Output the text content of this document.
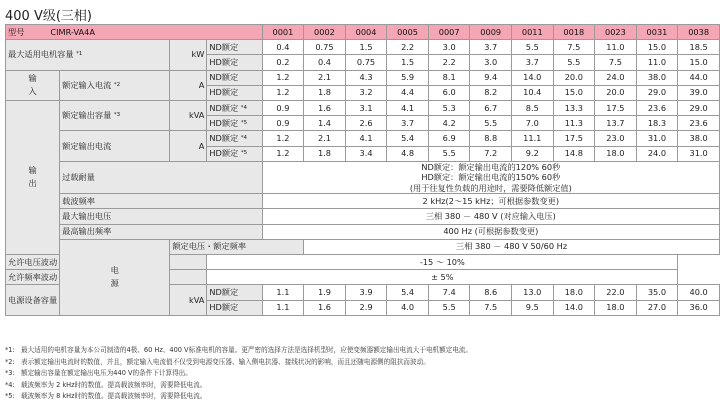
400 V级(三相)
型号 CIMR-VA4A				0001	0002	0004	0005	0007	0009	0011	0018	0023	0031	0038
最大适用电机容量 $^{*1}$		kW	ND额定	0.4	0.75	1.5	2.2	3.0	3.7	5.5	7.5	11.0	15.0	18.5
			HD额定	0.2	0.4	0.75	1.5	2.2	3.0	3.7	5.5	7.5	11.0	15.0

输
入	额定输入电流 $^{*2}$	A	ND额定	1.2	2.1	4.3	5.9	8.1	9.4	14.0	20.0	24.0	38.0	44.0
			HD额定	1.2	1.8	3.2	4.4	6.0	8.2	10.4	15.0	20.0	29.0	39.0

输
出	额定输出容量 $^{*3}$	kVA	ND额定 $^{*4}$	0.9	1.6	3.1	4.1	5.3	6.7	8.5	13.3	17.5	23.6	29.0
			HD额定 $^{*5}$	0.9	1.4	2.6	3.7	4.2	5.5	7.0	11.3	13.7	18.3	23.6
	额定输出电流	A	ND额定 $^{*4}$	1.2	2.1	4.1	5.4	6.9	8.8	11.1	17.5	23.0	31.0	38.0
			HD额定 $^{*5}$	1.2	1.8	3.4	4.8	5.5	7.2	9.2	14.8	18.0	24.0	31.0
	过载耐量			ND额定：额定输出电流的120% 60秒
HD额定：额定输出电流的150% 60秒
(用于往复性负载的用途时，需要降低额定值)										

	载波频率			2 kHz(2～15 kHz；可根据参数变更)										
	最大输出电压			三相 380 － 480 V (对应输入电压)										
	最高输出频率			400 Hz (可根据参数变更)										

	电
源	额定电压・额定频率			三相 380 － 480 V 50/60 Hz									
允许电压波动			-15 ～ 10%											
允许频率波动			± 5%											
电源设备容量		kVA	ND额定	1.1	1.9	3.9	5.4	7.4	8.6	13.0	18.0	22.0	35.0	40.0
			HD额定	1.1	1.6	2.9	4.0	5.5	7.5	9.5	14.0	18.0	27.0	36.0
*1: 最大适用的电机容量为本公司制造的4极、60 Hz、400 V标准电机的容量。更严密的选择方法是选择机型时，应使变频器额定输出电流大于电机额定电流。
*2: 表示额定输出电流时的数值，并且，额定输入电流值不仅受到电源变压器、输入侧电抗器、接线状况的影响，而且还随电源侧的阻抗而波动。
*3: 额定输出容量在额定输出电压为440 V的条件下计算得出。
*4: 载波频率为 2 kHz时的数值。提高载波频率时，需要降低电流。
*5: 载波频率为 8 kHz时的数值。提高载波频率时，需要降低电流。
